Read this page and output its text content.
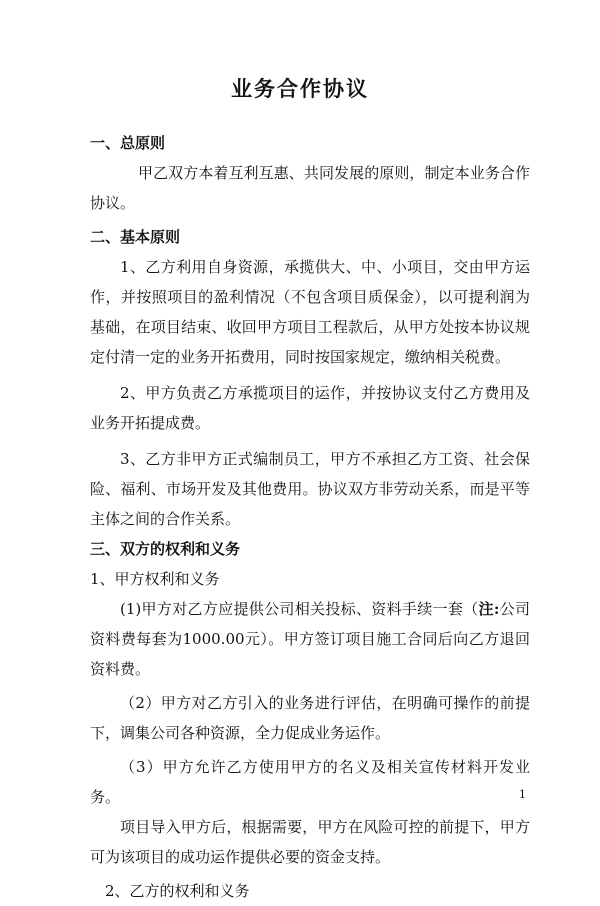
业务合作协议

一、总原则

甲乙双方本着互利互惠、共同发展的原则，制定本业务合作协议。

二、基本原则

1、乙方利用自身资源，承揽供大、中、小项目，交由甲方运作，并按照项目的盈利情况（不包含项目质保金），以可提利润为基础，在项目结束、收回甲方项目工程款后，从甲方处按本协议规定付清一定的业务开拓费用，同时按国家规定，缴纳相关税费。

2、甲方负责乙方承揽项目的运作，并按协议支付乙方费用及业务开拓提成费。

3、乙方非甲方正式编制员工，甲方不承担乙方工资、社会保险、福利、市场开发及其他费用。协议双方非劳动关系，而是平等主体之间的合作关系。

三、双方的权利和义务

1、甲方权利和义务

(1)甲方对乙方应提供公司相关投标、资料手续一套（注:公司资料费每套为1000.00元）。甲方签订项目施工合同后向乙方退回资料费。

（2）甲方对乙方引入的业务进行评估，在明确可操作的前提下，调集公司各种资源，全力促成业务运作。

（3）甲方允许乙方使用甲方的名义及相关宣传材料开发业务。

项目导入甲方后，根据需要，甲方在风险可控的前提下，甲方可为该项目的成功运作提供必要的资金支持。

2、乙方的权利和义务

1
